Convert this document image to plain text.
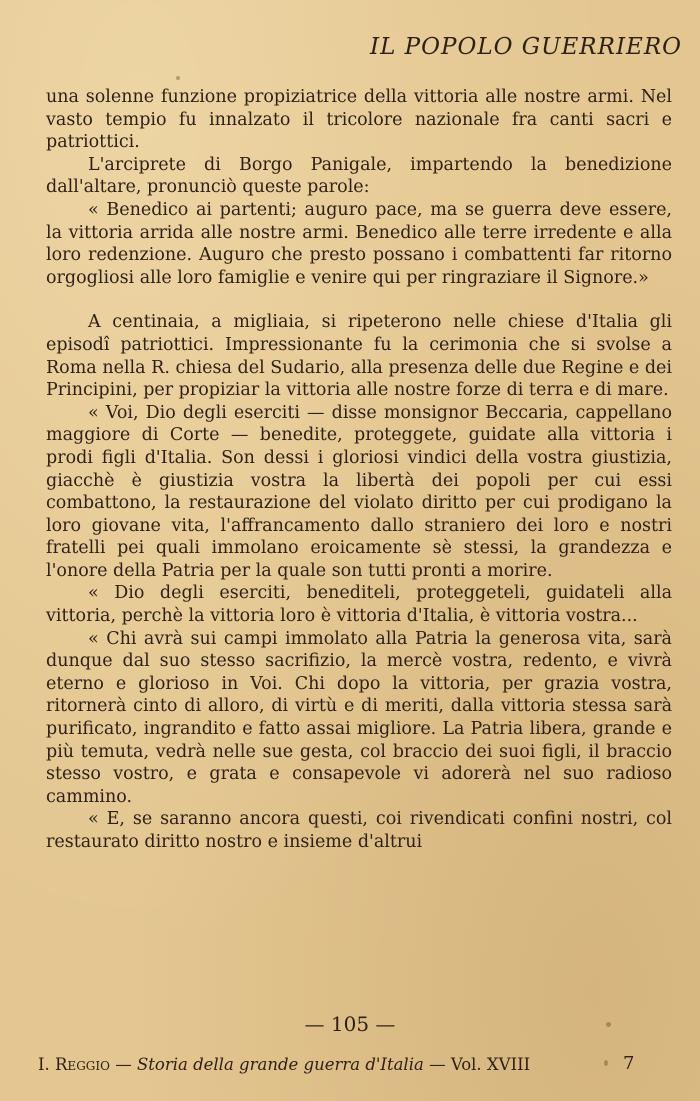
IL POPOLO GUERRIERO

una solenne funzione propiziatrice della vittoria alle nostre armi. Nel vasto tempio fu innalzato il tricolore nazionale fra canti sacri e patriottici.

L'arciprete di Borgo Panigale, impartendo la benedizione dall'altare, pronunciò queste parole:

« Benedico ai partenti; auguro pace, ma se guerra deve essere, la vittoria arrida alle nostre armi. Benedico alle terre irredente e alla loro redenzione. Auguro che presto possano i combattenti far ritorno orgogliosi alle loro famiglie e venire qui per ringraziare il Signore.»

A centinaia, a migliaia, si ripeterono nelle chiese d'Italia gli episodî patriottici. Impressionante fu la cerimonia che si svolse a Roma nella R. chiesa del Sudario, alla presenza delle due Regine e dei Principini, per propiziar la vittoria alle nostre forze di terra e di mare.

« Voi, Dio degli eserciti — disse monsignor Beccaria, cappellano maggiore di Corte — benedite, proteggete, guidate alla vittoria i prodi figli d'Italia. Son dessi i gloriosi vindici della vostra giustizia, giacchè è giustizia vostra la libertà dei popoli per cui essi combattono, la restaurazione del violato diritto per cui prodigano la loro giovane vita, l'affrancamento dallo straniero dei loro e nostri fratelli pei quali immolano eroicamente sè stessi, la grandezza e l'onore della Patria per la quale son tutti pronti a morire.

« Dio degli eserciti, benediteli, proteggeteli, guidateli alla vittoria, perchè la vittoria loro è vittoria d'Italia, è vittoria vostra...

« Chi avrà sui campi immolato alla Patria la generosa vita, sarà dunque dal suo stesso sacrifizio, la mercè vostra, redento, e vivrà eterno e glorioso in Voi. Chi dopo la vittoria, per grazia vostra, ritornerà cinto di alloro, di virtù e di meriti, dalla vittoria stessa sarà purificato, ingrandito e fatto assai migliore. La Patria libera, grande e più temuta, vedrà nelle sue gesta, col braccio dei suoi figli, il braccio stesso vostro, e grata e consapevole vi adorerà nel suo radioso cammino.

« E, se saranno ancora questi, coi rivendicati confini nostri, col restaurato diritto nostro e insieme d'altrui

— 105 —
I. Reggio — Storia della grande guerra d'Italia — Vol. XVIII	7
